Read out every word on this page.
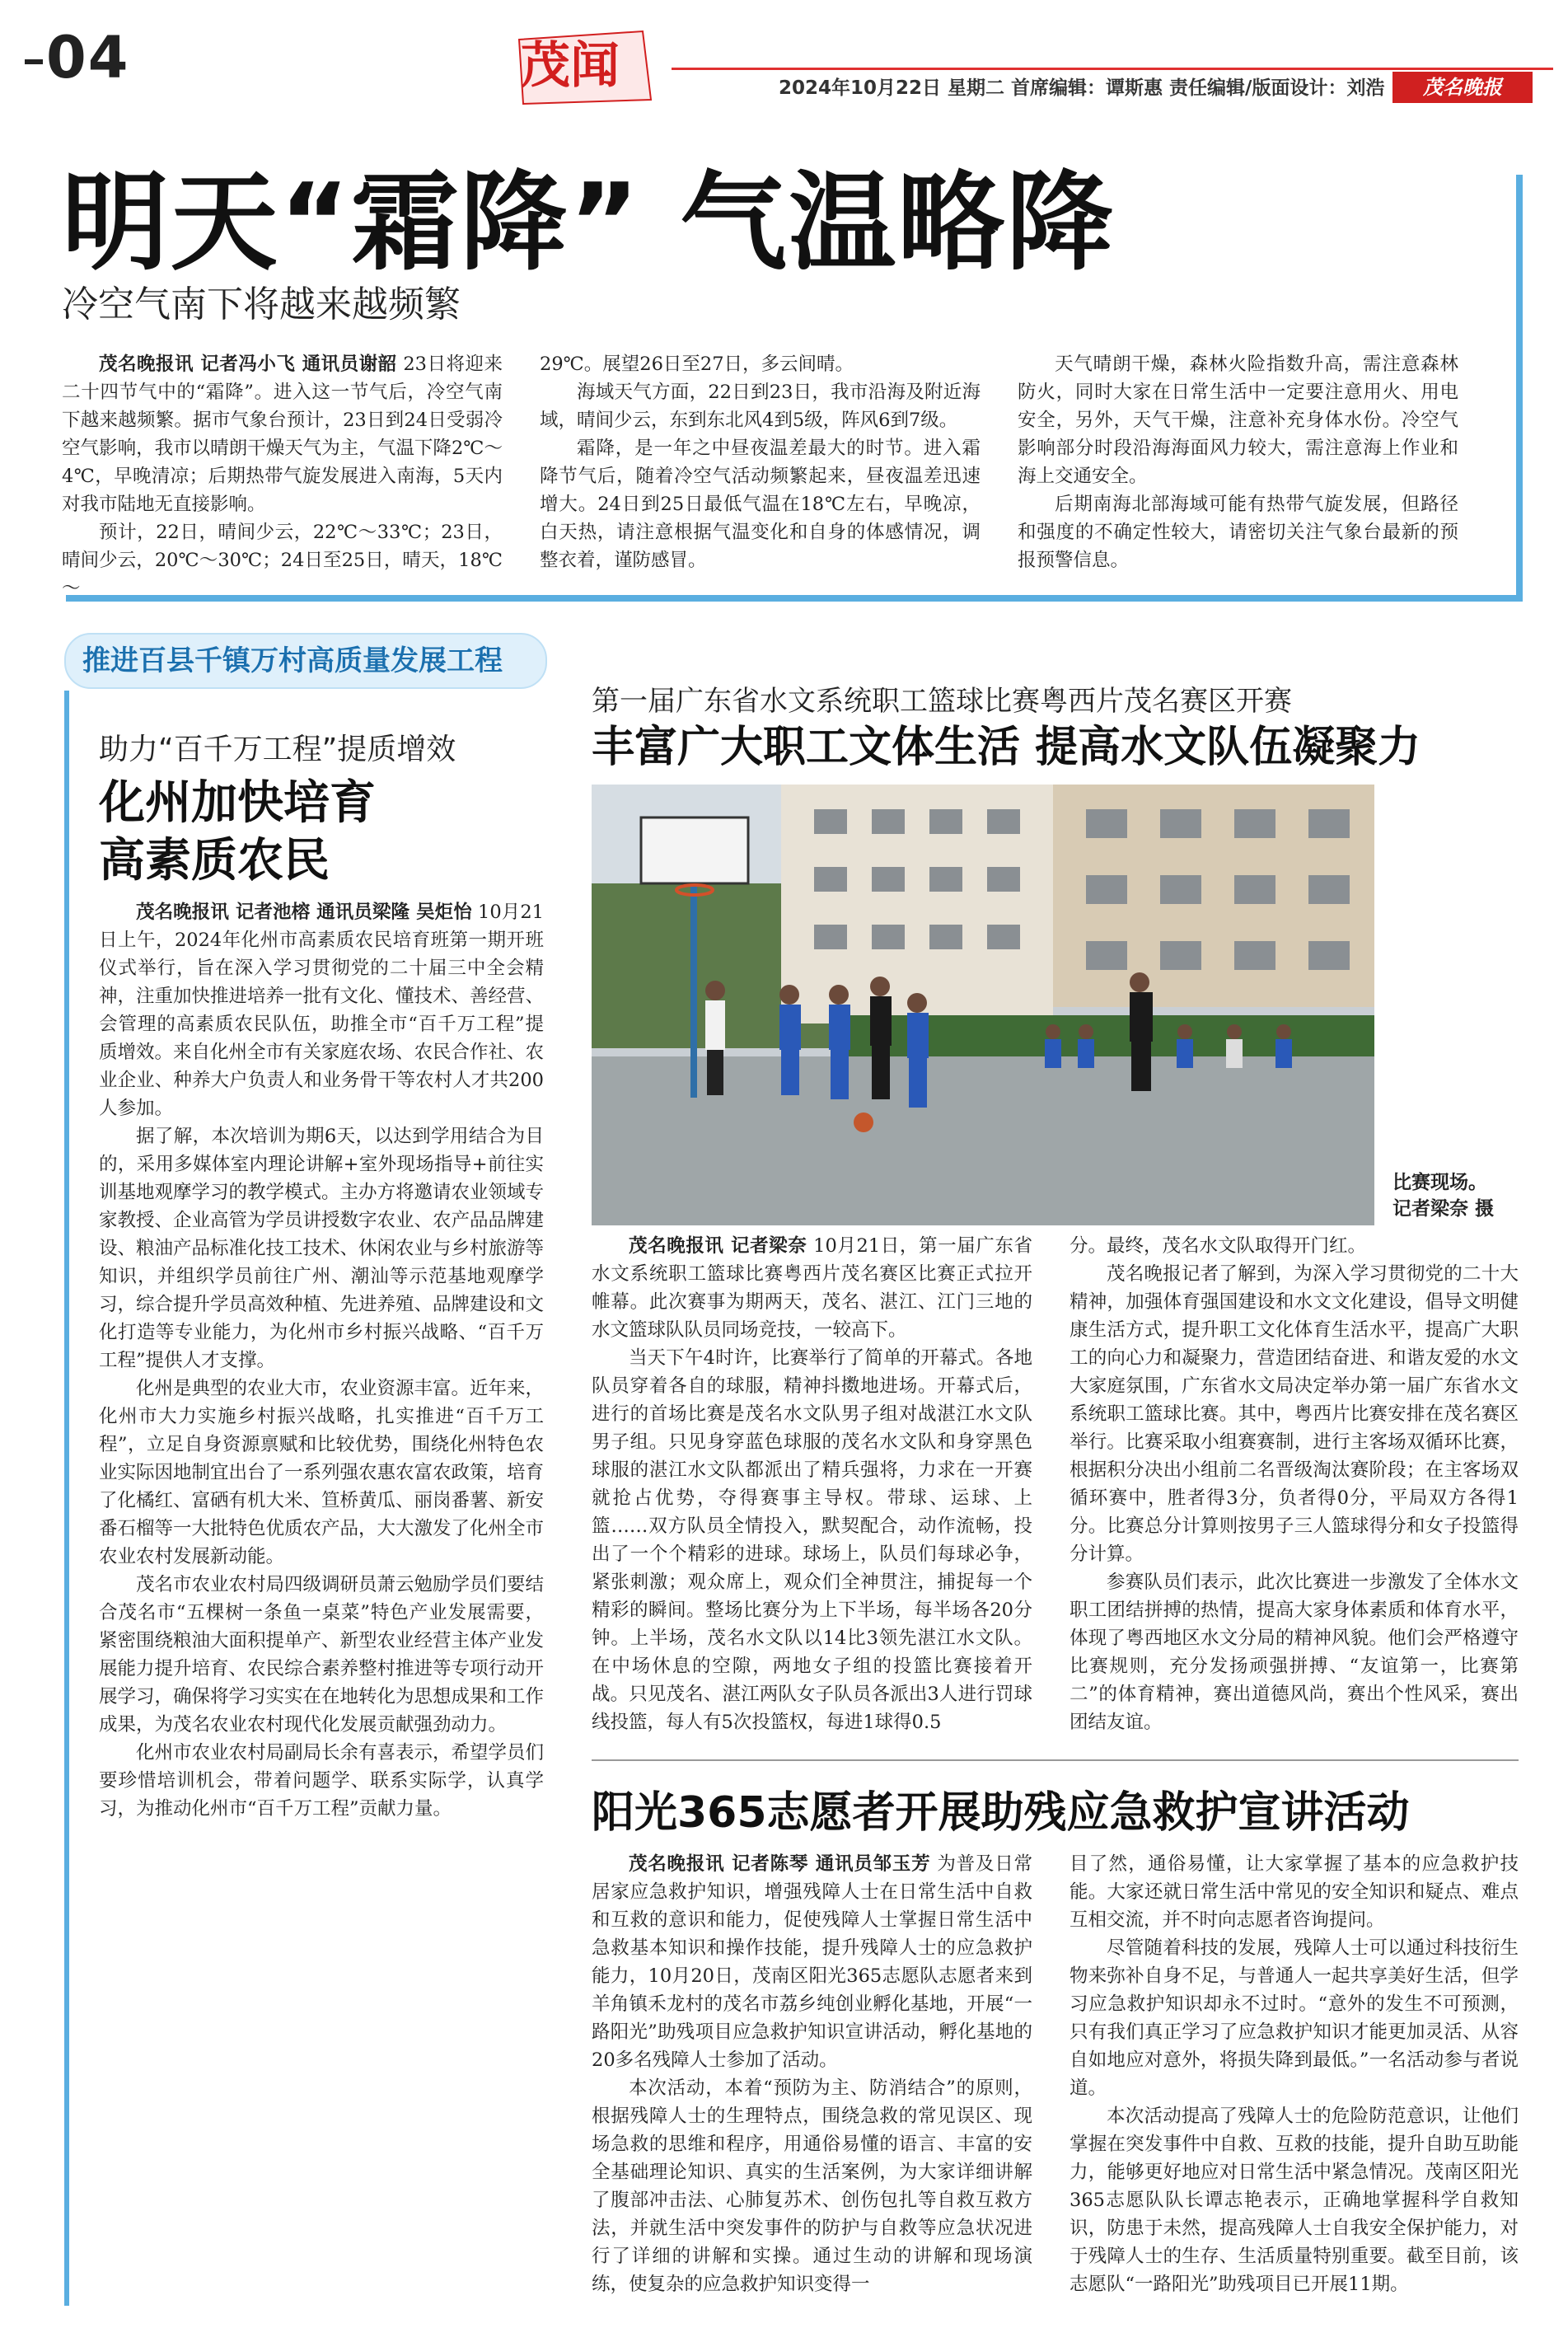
04	茂闻	2024年10月22日 星期二 首席编辑：谭斯惠 责任编辑/版面设计：刘浩	茂名晚报
明天“霜降” 气温略降
冷空气南下将越来越频繁

茂名晚报讯 记者冯小飞 通讯员谢韶 23日将迎来二十四节气中的“霜降”。进入这一节气后，冷空气南下越来越频繁。据市气象台预计，23日到24日受弱冷空气影响，我市以晴朗干燥天气为主，气温下降2℃～4℃，早晚清凉；后期热带气旋发展进入南海，5天内对我市陆地无直接影响。

预计，22日，晴间少云，22℃～33℃；23日，晴间少云，20℃～30℃；24日至25日，晴天，18℃～

29℃。展望26日至27日，多云间晴。

海域天气方面，22日到23日，我市沿海及附近海域，晴间少云，东到东北风4到5级，阵风6到7级。

霜降，是一年之中昼夜温差最大的时节。进入霜降节气后，随着冷空气活动频繁起来，昼夜温差迅速增大。24日到25日最低气温在18℃左右，早晚凉，白天热，请注意根据气温变化和自身的体感情况，调整衣着，谨防感冒。

天气晴朗干燥，森林火险指数升高，需注意森林防火，同时大家在日常生活中一定要注意用火、用电安全，另外，天气干燥，注意补充身体水份。冷空气影响部分时段沿海海面风力较大，需注意海上作业和海上交通安全。

后期南海北部海域可能有热带气旋发展，但路径和强度的不确定性较大，请密切关注气象台最新的预报预警信息。

推进百县千镇万村高质量发展工程
助力“百千万工程”提质增效
化州加快培育
高素质农民

茂名晚报讯 记者池榕 通讯员梁隆 吴炬怡 10月21日上午，2024年化州市高素质农民培育班第一期开班仪式举行，旨在深入学习贯彻党的二十届三中全会精神，注重加快推进培养一批有文化、懂技术、善经营、会管理的高素质农民队伍，助推全市“百千万工程”提质增效。来自化州全市有关家庭农场、农民合作社、农业企业、种养大户负责人和业务骨干等农村人才共200人参加。

据了解，本次培训为期6天，以达到学用结合为目的，采用多媒体室内理论讲解+室外现场指导+前往实训基地观摩学习的教学模式。主办方将邀请农业领域专家教授、企业高管为学员讲授数字农业、农产品品牌建设、粮油产品标准化技工技术、休闲农业与乡村旅游等知识，并组织学员前往广州、潮汕等示范基地观摩学习，综合提升学员高效种植、先进养殖、品牌建设和文化打造等专业能力，为化州市乡村振兴战略、“百千万工程”提供人才支撑。

化州是典型的农业大市，农业资源丰富。近年来，化州市大力实施乡村振兴战略，扎实推进“百千万工程”，立足自身资源禀赋和比较优势，围绕化州特色农业实际因地制宜出台了一系列强农惠农富农政策，培育了化橘红、富硒有机大米、笪桥黄瓜、丽岗番薯、新安番石榴等一大批特色优质农产品，大大激发了化州全市农业农村发展新动能。

茂名市农业农村局四级调研员萧云勉励学员们要结合茂名市“五棵树一条鱼一桌菜”特色产业发展需要，紧密围绕粮油大面积提单产、新型农业经营主体产业发展能力提升培育、农民综合素养整村推进等专项行动开展学习，确保将学习实实在在地转化为思想成果和工作成果，为茂名农业农村现代化发展贡献强劲动力。

化州市农业农村局副局长余有喜表示，希望学员们要珍惜培训机会，带着问题学、联系实际学，认真学习，为推动化州市“百千万工程”贡献力量。

第一届广东省水文系统职工篮球比赛粤西片茂名赛区开赛
丰富广大职工文体生活 提高水文队伍凝聚力
比赛现场。
记者梁奈 摄

茂名晚报讯 记者梁奈 10月21日，第一届广东省水文系统职工篮球比赛粤西片茂名赛区比赛正式拉开帷幕。此次赛事为期两天，茂名、湛江、江门三地的水文篮球队队员同场竞技，一较高下。

当天下午4时许，比赛举行了简单的开幕式。各地队员穿着各自的球服，精神抖擞地进场。开幕式后，进行的首场比赛是茂名水文队男子组对战湛江水文队男子组。只见身穿蓝色球服的茂名水文队和身穿黑色球服的湛江水文队都派出了精兵强将，力求在一开赛就抢占优势，夺得赛事主导权。带球、运球、上篮……双方队员全情投入，默契配合，动作流畅，投出了一个个精彩的进球。球场上，队员们每球必争，紧张刺激；观众席上，观众们全神贯注，捕捉每一个精彩的瞬间。整场比赛分为上下半场，每半场各20分钟。上半场，茂名水文队以14比3领先湛江水文队。在中场休息的空隙，两地女子组的投篮比赛接着开战。只见茂名、湛江两队女子队员各派出3人进行罚球线投篮，每人有5次投篮权，每进1球得0.5

分。最终，茂名水文队取得开门红。

茂名晚报记者了解到，为深入学习贯彻党的二十大精神，加强体育强国建设和水文文化建设，倡导文明健康生活方式，提升职工文化体育生活水平，提高广大职工的向心力和凝聚力，营造团结奋进、和谐友爱的水文大家庭氛围，广东省水文局决定举办第一届广东省水文系统职工篮球比赛。其中，粤西片比赛安排在茂名赛区举行。比赛采取小组赛赛制，进行主客场双循环比赛，根据积分决出小组前二名晋级淘汰赛阶段；在主客场双循环赛中，胜者得3分，负者得0分，平局双方各得1分。比赛总分计算则按男子三人篮球得分和女子投篮得分计算。

参赛队员们表示，此次比赛进一步激发了全体水文职工团结拼搏的热情，提高大家身体素质和体育水平，体现了粤西地区水文分局的精神风貌。他们会严格遵守比赛规则，充分发扬顽强拼搏、“友谊第一，比赛第二”的体育精神，赛出道德风尚，赛出个性风采，赛出团结友谊。

阳光365志愿者开展助残应急救护宣讲活动

茂名晚报讯 记者陈琴 通讯员邹玉芳 为普及日常居家应急救护知识，增强残障人士在日常生活中自救和互救的意识和能力，促使残障人士掌握日常生活中急救基本知识和操作技能，提升残障人士的应急救护能力，10月20日，茂南区阳光365志愿队志愿者来到羊角镇禾龙村的茂名市荔乡纯创业孵化基地，开展“一路阳光”助残项目应急救护知识宣讲活动，孵化基地的20多名残障人士参加了活动。

本次活动，本着“预防为主、防消结合”的原则，根据残障人士的生理特点，围绕急救的常见误区、现场急救的思维和程序，用通俗易懂的语言、丰富的安全基础理论知识、真实的生活案例，为大家详细讲解了腹部冲击法、心肺复苏术、创伤包扎等自救互救方法，并就生活中突发事件的防护与自救等应急状况进行了详细的讲解和实操。通过生动的讲解和现场演练，使复杂的应急救护知识变得一

目了然，通俗易懂，让大家掌握了基本的应急救护技能。大家还就日常生活中常见的安全知识和疑点、难点互相交流，并不时向志愿者咨询提问。

尽管随着科技的发展，残障人士可以通过科技衍生物来弥补自身不足，与普通人一起共享美好生活，但学习应急救护知识却永不过时。“意外的发生不可预测，只有我们真正学习了应急救护知识才能更加灵活、从容自如地应对意外，将损失降到最低。”一名活动参与者说道。

本次活动提高了残障人士的危险防范意识，让他们掌握在突发事件中自救、互救的技能，提升自助互助能力，能够更好地应对日常生活中紧急情况。茂南区阳光365志愿队队长谭志艳表示，正确地掌握科学自救知识，防患于未然，提高残障人士自我安全保护能力，对于残障人士的生存、生活质量特别重要。截至目前，该志愿队“一路阳光”助残项目已开展11期。
